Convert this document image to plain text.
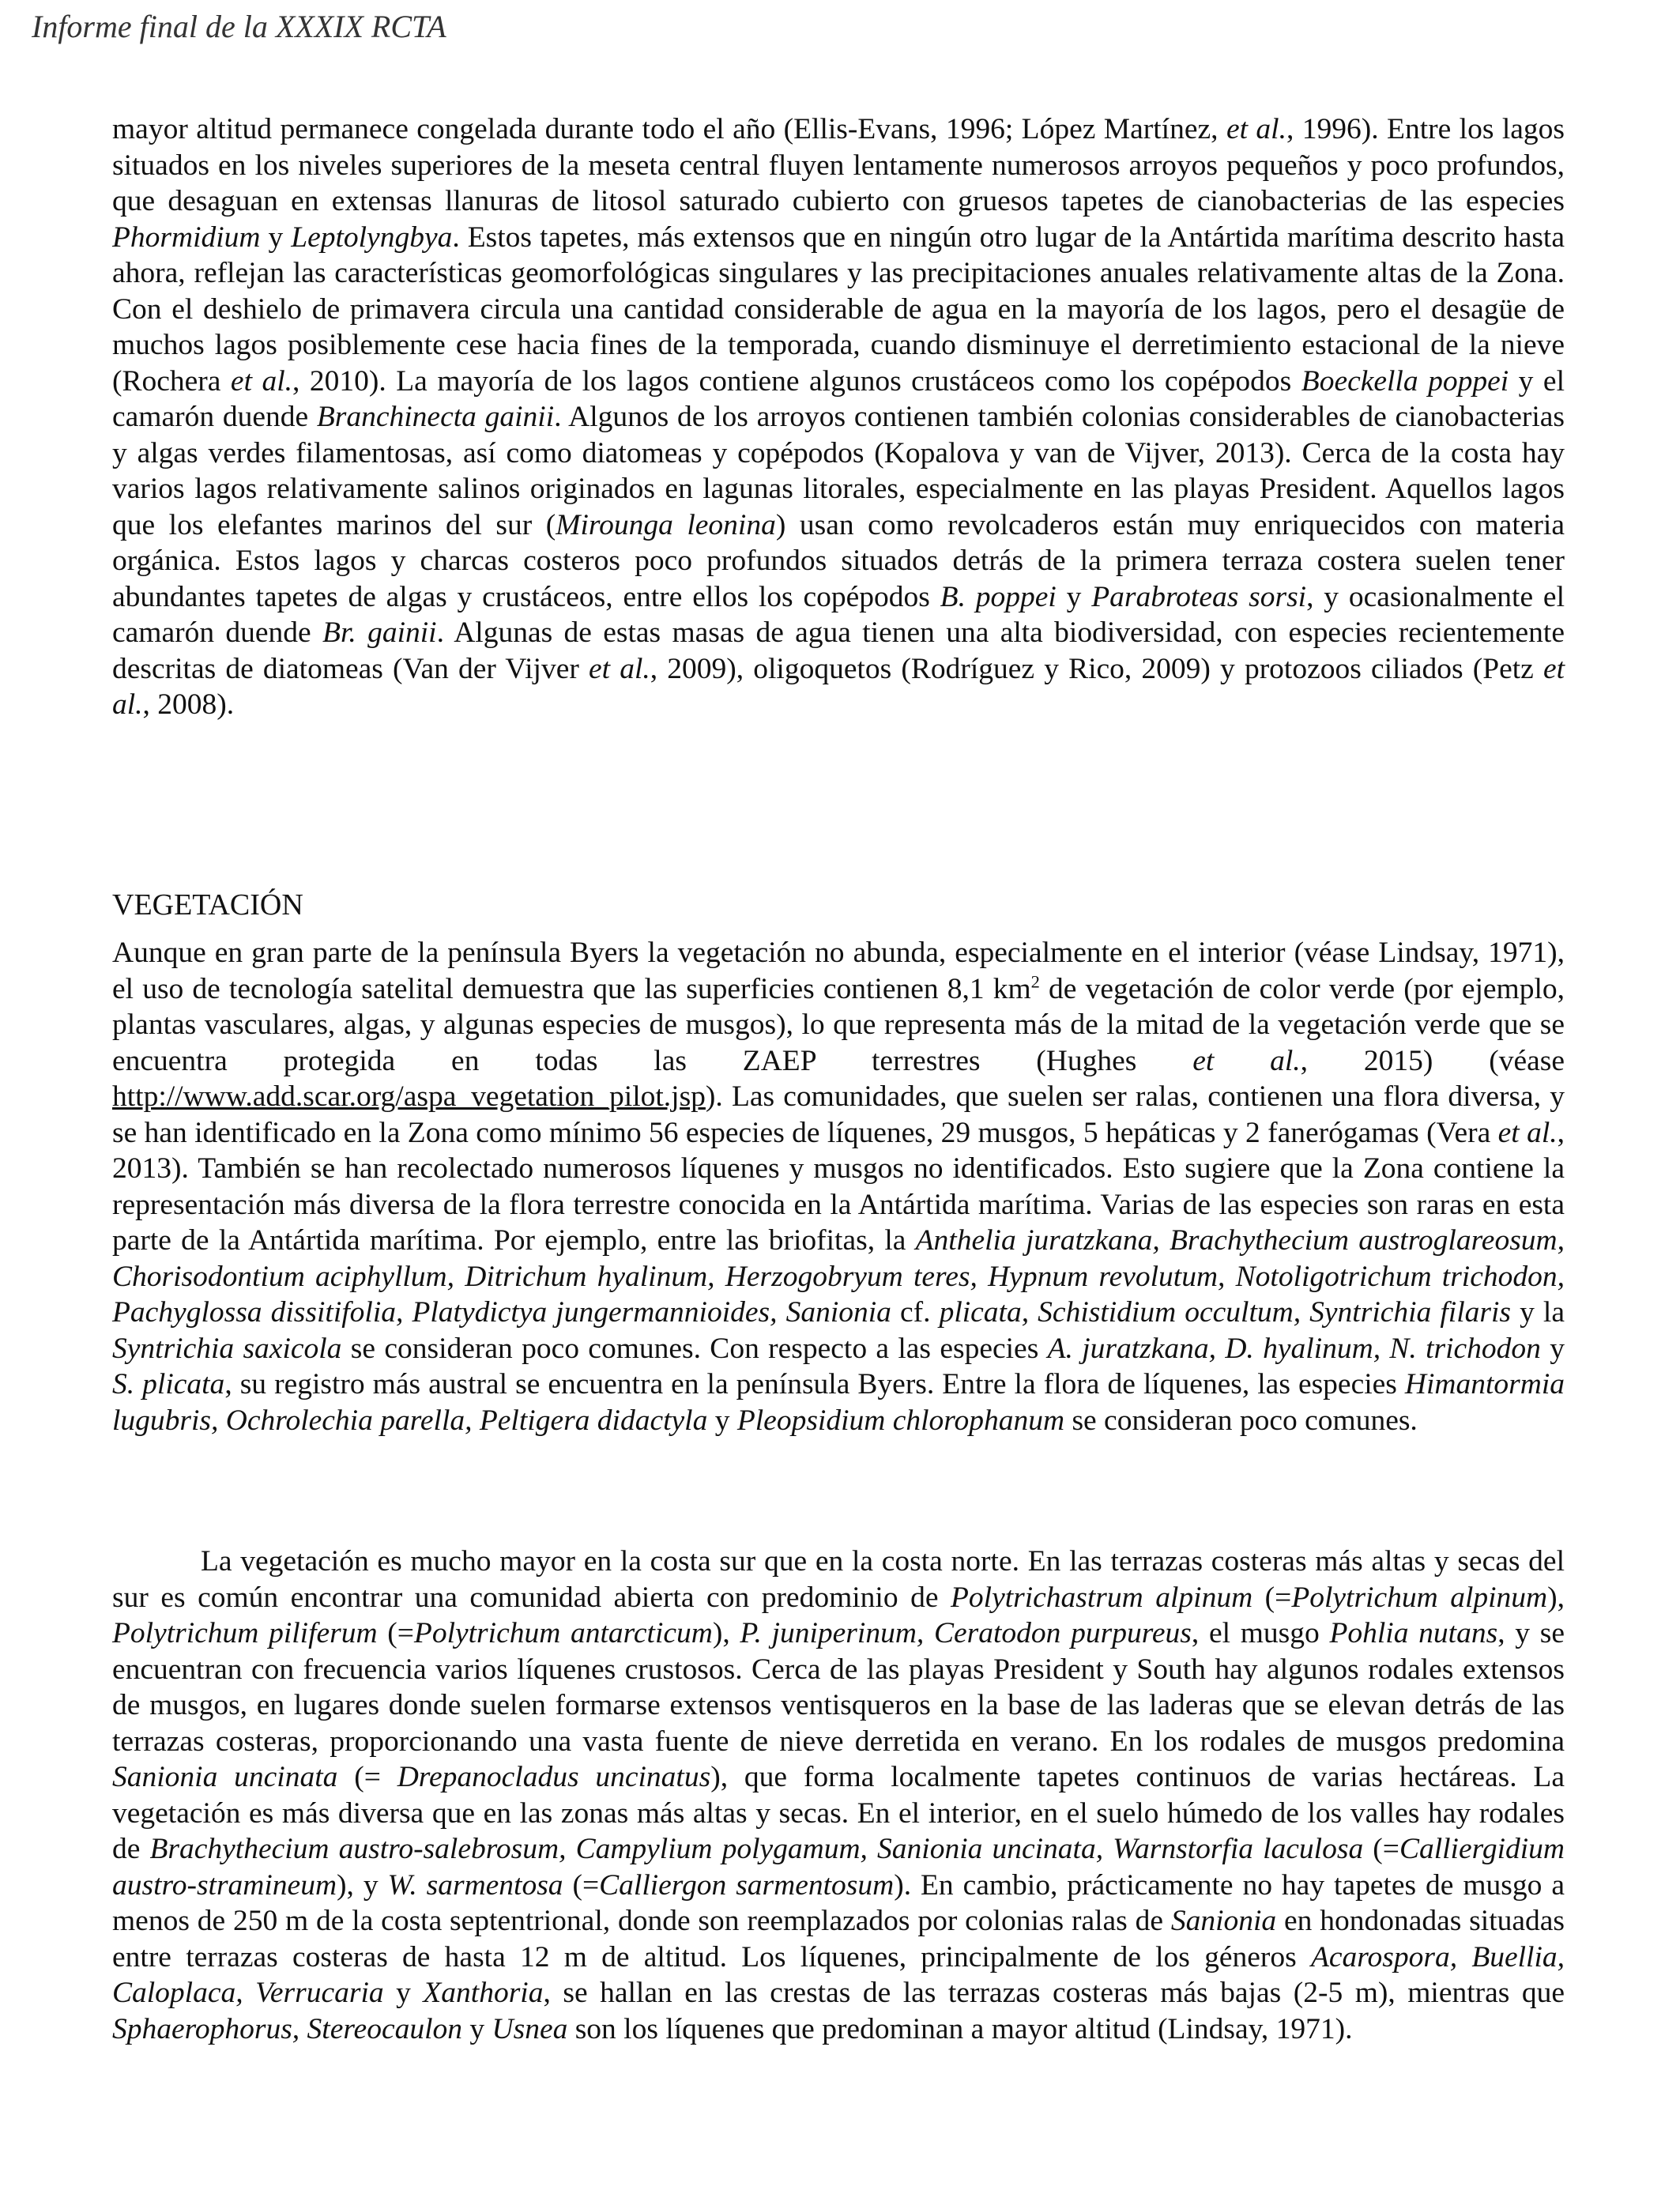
Informe final de la XXXIX RCTA

mayor altitud permanece congelada durante todo el año (Ellis-Evans, 1996; López Martínez, et al., 1996). Entre los lagos situados en los niveles superiores de la meseta central fluyen lentamente numerosos arroyos pequeños y poco profundos, que desaguan en extensas llanuras de litosol saturado cubierto con gruesos tapetes de cianobacterias de las especies Phormidium y Leptolyngbya. Estos tapetes, más extensos que en ningún otro lugar de la Antártida marítima descrito hasta ahora, reflejan las características geomorfológicas singulares y las precipitaciones anuales relativamente altas de la Zona. Con el deshielo de primavera circula una cantidad considerable de agua en la mayoría de los lagos, pero el desagüe de muchos lagos posiblemente cese hacia fines de la temporada, cuando disminuye el derretimiento estacional de la nieve (Rochera et al., 2010). La mayoría de los lagos contiene algunos crustáceos como los copépodos Boeckella poppei y el camarón duende Branchinecta gainii. Algunos de los arroyos contienen también colonias considerables de cianobacterias y algas verdes filamentosas, así como diatomeas y copépodos (Kopalova y van de Vijver, 2013). Cerca de la costa hay varios lagos relativamente salinos originados en lagunas litorales, especialmente en las playas President. Aquellos lagos que los elefantes marinos del sur (Mirounga leonina) usan como revolcaderos están muy enriquecidos con materia orgánica. Estos lagos y charcas costeros poco profundos situados detrás de la primera terraza costera suelen tener abundantes tapetes de algas y crustáceos, entre ellos los copépodos B. poppei y Parabroteas sorsi, y ocasionalmente el camarón duende Br. gainii. Algunas de estas masas de agua tienen una alta biodiversidad, con especies recientemente descritas de diatomeas (Van der Vijver et al., 2009), oligoquetos (Rodríguez y Rico, 2009) y protozoos ciliados (Petz et al., 2008).

VEGETACIÓN

Aunque en gran parte de la península Byers la vegetación no abunda, especialmente en el interior (véase Lindsay, 1971), el uso de tecnología satelital demuestra que las superficies contienen 8,1 $km^2$ de vegetación de color verde (por ejemplo, plantas vasculares, algas, y algunas especies de musgos), lo que representa más de la mitad de la vegetación verde que se encuentra protegida en todas las ZAEP terrestres (Hughes et al., 2015) (véase http://www.add.scar.org/aspa_vegetation_pilot.jsp). Las comunidades, que suelen ser ralas, contienen una flora diversa, y se han identificado en la Zona como mínimo 56 especies de líquenes, 29 musgos, 5 hepáticas y 2 fanerógamas (Vera et al., 2013). También se han recolectado numerosos líquenes y musgos no identificados. Esto sugiere que la Zona contiene la representación más diversa de la flora terrestre conocida en la Antártida marítima. Varias de las especies son raras en esta parte de la Antártida marítima. Por ejemplo, entre las briofitas, la Anthelia juratzkana, Brachythecium austroglareosum, Chorisodontium aciphyllum, Ditrichum hyalinum, Herzogobryum teres, Hypnum revolutum, Notoligotrichum trichodon, Pachyglossa dissitifolia, Platydictya jungermannioides, Sanionia cf. plicata, Schistidium occultum, Syntrichia filaris y la Syntrichia saxicola se consideran poco comunes. Con respecto a las especies A. juratzkana, D. hyalinum, N. trichodon y S. plicata, su registro más austral se encuentra en la península Byers. Entre la flora de líquenes, las especies Himantormia lugubris, Ochrolechia parella, Peltigera didactyla y Pleopsidium chlorophanum se consideran poco comunes.

La vegetación es mucho mayor en la costa sur que en la costa norte. En las terrazas costeras más altas y secas del sur es común encontrar una comunidad abierta con predominio de Polytrichastrum alpinum (=Polytrichum alpinum), Polytrichum piliferum (=Polytrichum antarcticum), P. juniperinum, Ceratodon purpureus, el musgo Pohlia nutans, y se encuentran con frecuencia varios líquenes crustosos. Cerca de las playas President y South hay algunos rodales extensos de musgos, en lugares donde suelen formarse extensos ventisqueros en la base de las laderas que se elevan detrás de las terrazas costeras, proporcionando una vasta fuente de nieve derretida en verano. En los rodales de musgos predomina Sanionia uncinata (= Drepanocladus uncinatus), que forma localmente tapetes continuos de varias hectáreas. La vegetación es más diversa que en las zonas más altas y secas. En el interior, en el suelo húmedo de los valles hay rodales de Brachythecium austro-salebrosum, Campylium polygamum, Sanionia uncinata, Warnstorfia laculosa (=Calliergidium austro-stramineum), y W. sarmentosa (=Calliergon sarmentosum). En cambio, prácticamente no hay tapetes de musgo a menos de 250 m de la costa septentrional, donde son reemplazados por colonias ralas de Sanionia en hondonadas situadas entre terrazas costeras de hasta 12 m de altitud. Los líquenes, principalmente de los géneros Acarospora, Buellia, Caloplaca, Verrucaria y Xanthoria, se hallan en las crestas de las terrazas costeras más bajas (2-5 m), mientras que Sphaerophorus, Stereocaulon y Usnea son los líquenes que predominan a mayor altitud (Lindsay, 1971).
